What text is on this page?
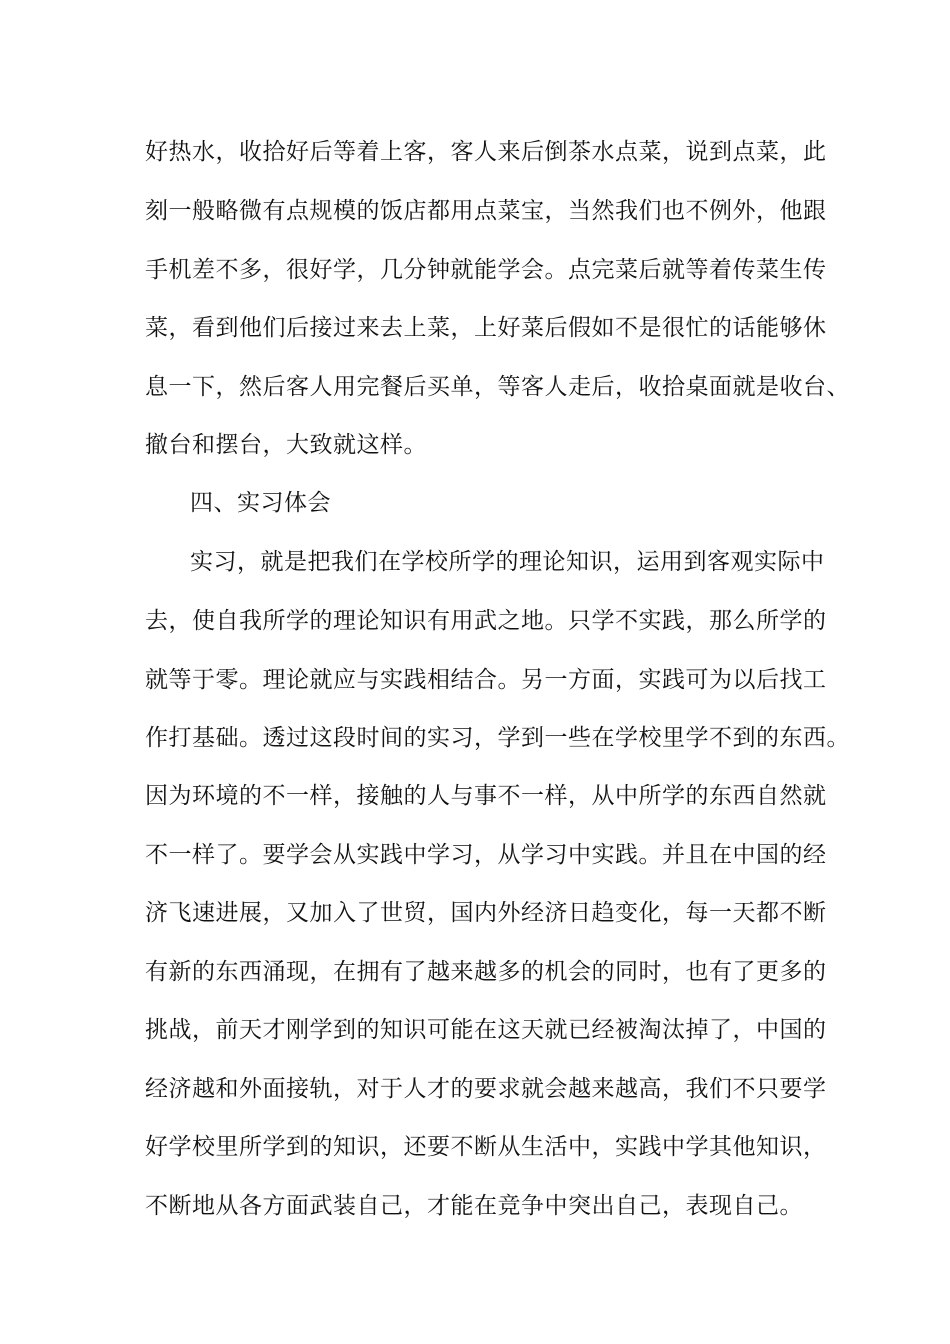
好热水，收拾好后等着上客，客人来后倒茶水点菜，说到点菜，此
刻一般略微有点规模的饭店都用点菜宝，当然我们也不例外，他跟
手机差不多，很好学，几分钟就能学会。点完菜后就等着传菜生传
菜，看到他们后接过来去上菜，上好菜后假如不是很忙的话能够休
息一下，然后客人用完餐后买单，等客人走后，收拾桌面就是收台、
撤台和摆台，大致就这样。
四、实习体会
实习，就是把我们在学校所学的理论知识，运用到客观实际中
去，使自我所学的理论知识有用武之地。只学不实践，那么所学的
就等于零。理论就应与实践相结合。另一方面，实践可为以后找工
作打基础。透过这段时间的实习，学到一些在学校里学不到的东西。
因为环境的不一样，接触的人与事不一样，从中所学的东西自然就
不一样了。要学会从实践中学习，从学习中实践。并且在中国的经
济飞速进展，又加入了世贸，国内外经济日趋变化，每一天都不断
有新的东西涌现，在拥有了越来越多的机会的同时，也有了更多的
挑战，前天才刚学到的知识可能在这天就已经被淘汰掉了，中国的
经济越和外面接轨，对于人才的要求就会越来越高，我们不只要学
好学校里所学到的知识，还要不断从生活中，实践中学其他知识，
不断地从各方面武装自己，才能在竞争中突出自己，表现自己。
